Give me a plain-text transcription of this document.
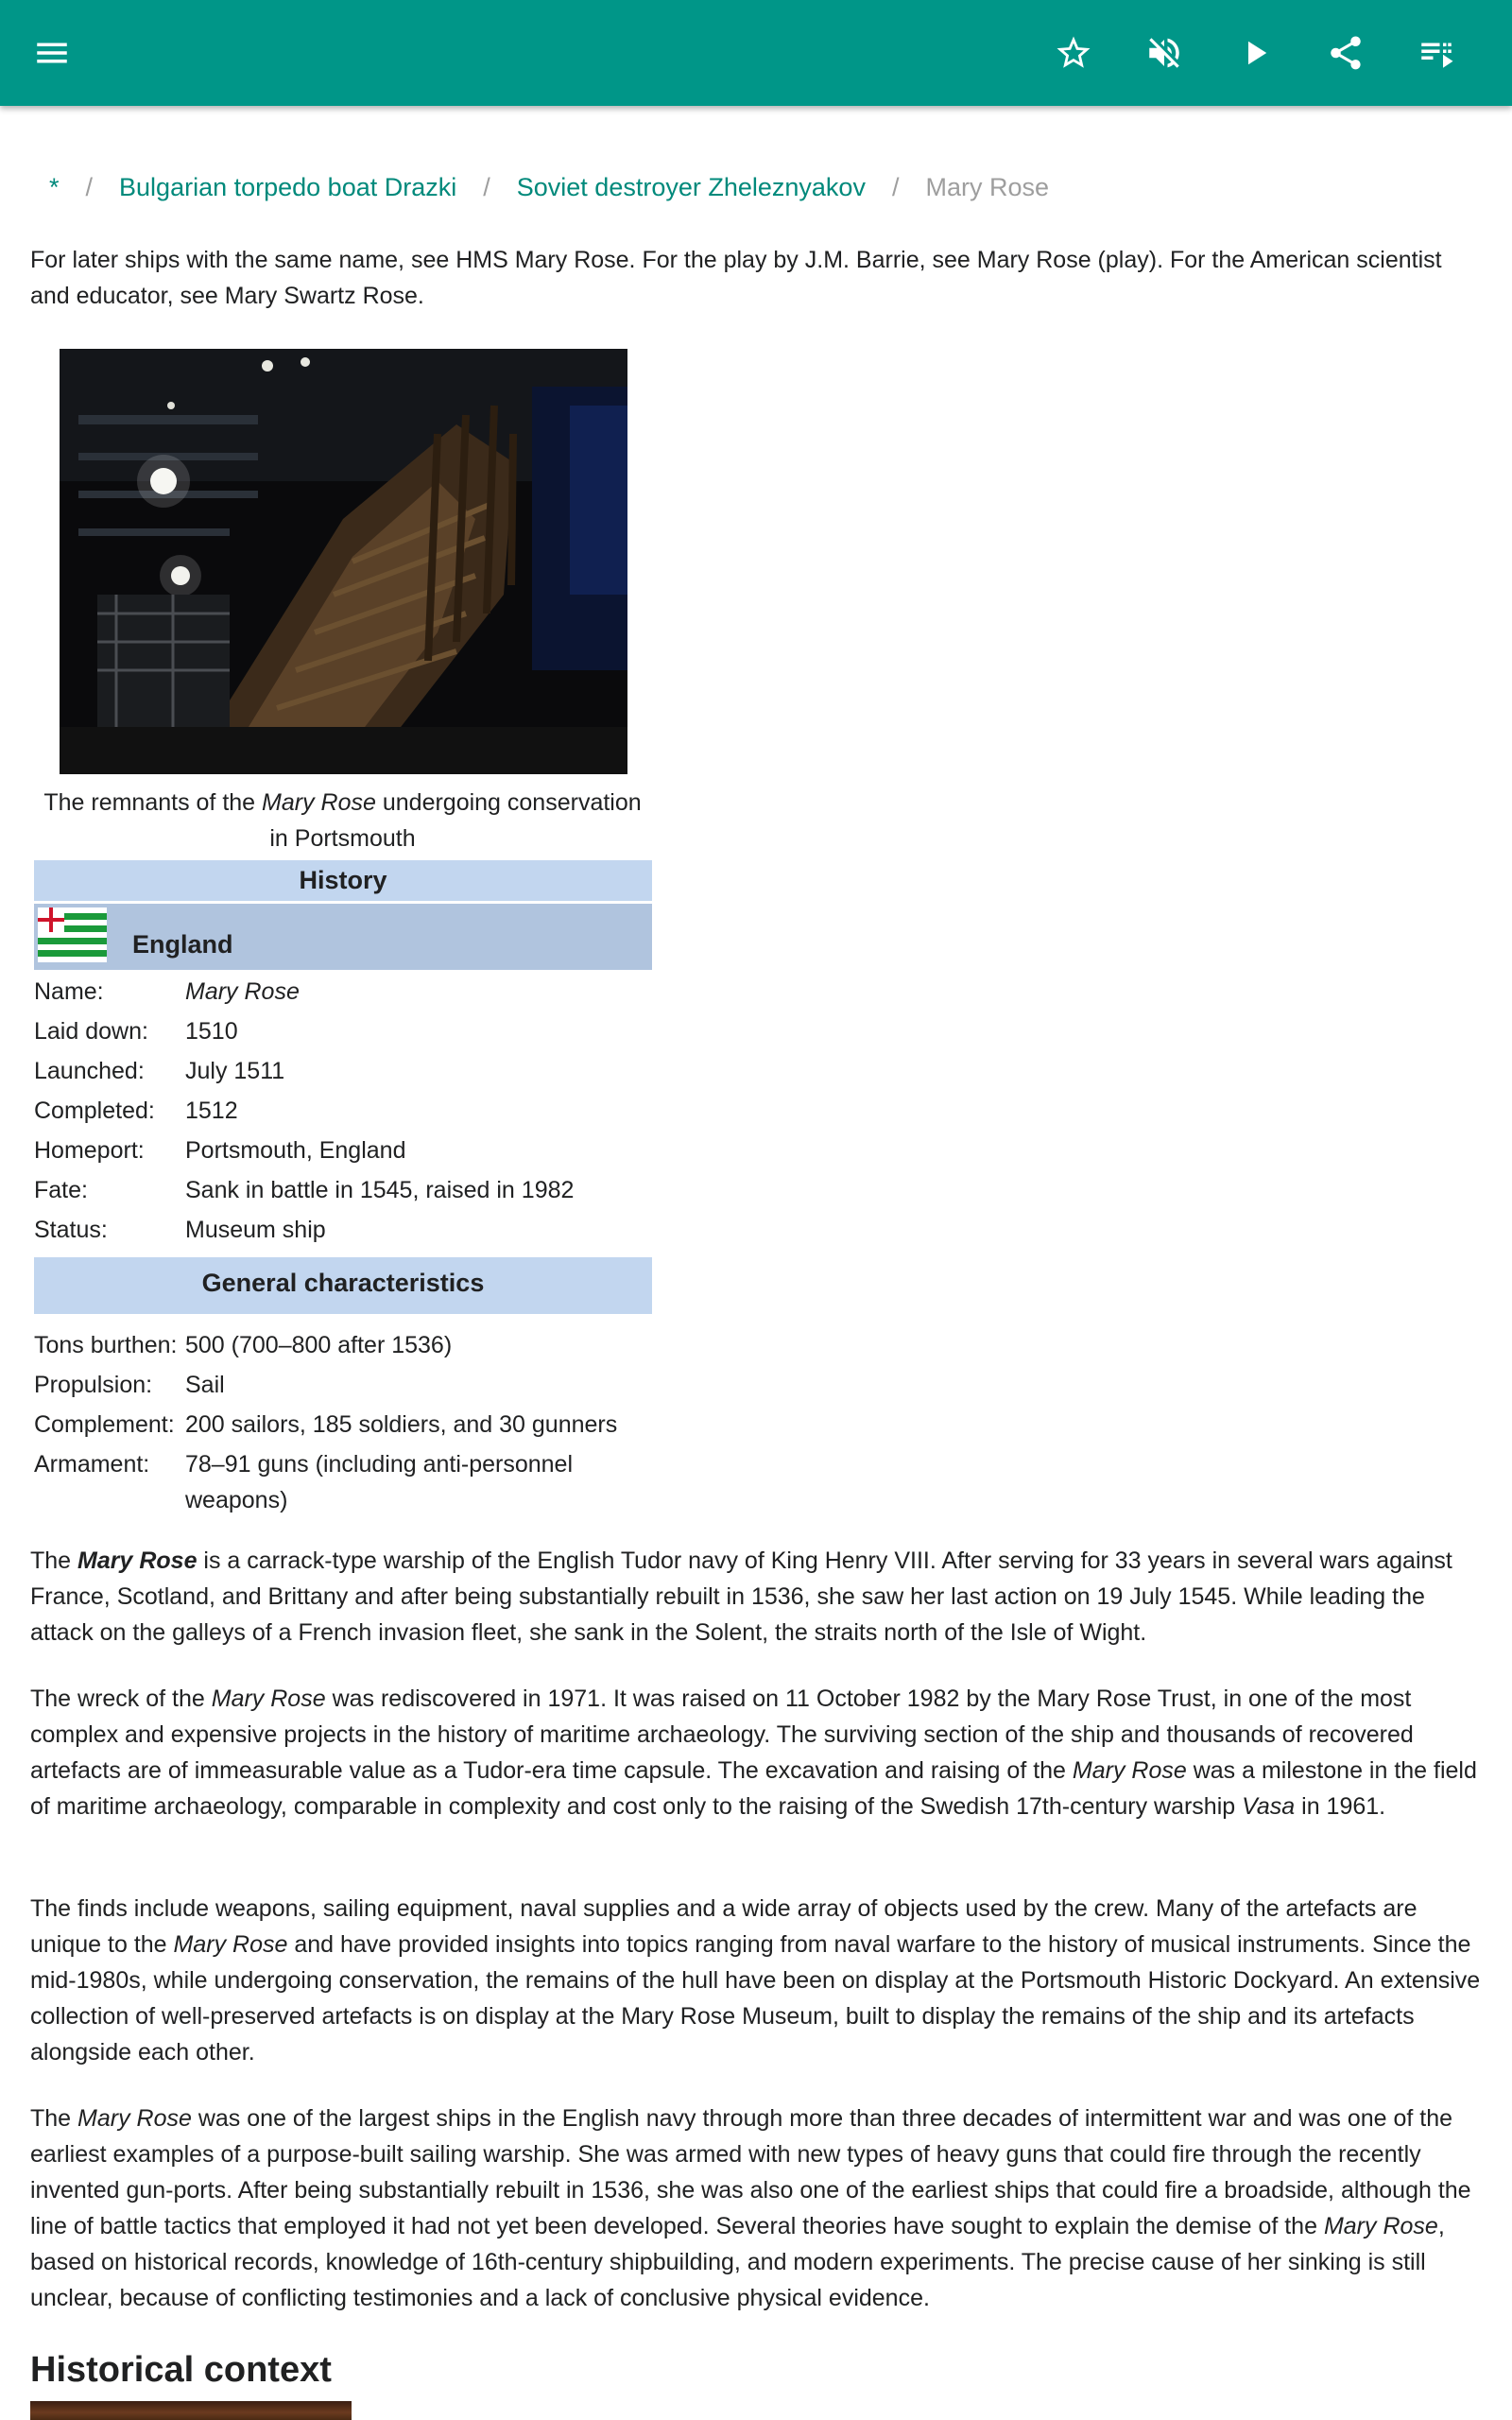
* / Bulgarian torpedo boat Drazki / Soviet destroyer Zheleznyakov / Mary Rose
For later ships with the same name, see HMS Mary Rose. For the play by J.M. Barrie, see Mary Rose (play). For the American scientist and educator, see Mary Swartz Rose.
The remnants of the Mary Rose undergoing conservation in Portsmouth
History
England
Name:	Mary Rose
Laid down:	1510
Launched:	July 1511
Completed:	1512
Homeport:	Portsmouth, England
Fate:	Sank in battle in 1545, raised in 1982
Status:	Museum ship
General characteristics
Tons burthen: 500 (700–800 after 1536)
Propulsion:	Sail
Complement: 200 sailors, 185 soldiers, and 30 gunners
Armament:	78–91 guns (including anti-personnel weapons)

The Mary Rose is a carrack-type warship of the English Tudor navy of King Henry VIII. After serving for 33 years in several wars against France, Scotland, and Brittany and after being substantially rebuilt in 1536, she saw her last action on 19 July 1545. While leading the attack on the galleys of a French invasion fleet, she sank in the Solent, the straits north of the Isle of Wight.

The wreck of the Mary Rose was rediscovered in 1971. It was raised on 11 October 1982 by the Mary Rose Trust, in one of the most complex and expensive projects in the history of maritime archaeology. The surviving section of the ship and thousands of recovered artefacts are of immeasurable value as a Tudor-era time capsule. The excavation and raising of the Mary Rose was a milestone in the field of maritime archaeology, comparable in complexity and cost only to the raising of the Swedish 17th-century warship Vasa in 1961.

The finds include weapons, sailing equipment, naval supplies and a wide array of objects used by the crew. Many of the artefacts are unique to the Mary Rose and have provided insights into topics ranging from naval warfare to the history of musical instruments. Since the mid-1980s, while undergoing conservation, the remains of the hull have been on display at the Portsmouth Historic Dockyard. An extensive collection of well-preserved artefacts is on display at the Mary Rose Museum, built to display the remains of the ship and its artefacts alongside each other.

The Mary Rose was one of the largest ships in the English navy through more than three decades of intermittent war and was one of the earliest examples of a purpose-built sailing warship. She was armed with new types of heavy guns that could fire through the recently invented gun-ports. After being substantially rebuilt in 1536, she was also one of the earliest ships that could fire a broadside, although the line of battle tactics that employed it had not yet been developed. Several theories have sought to explain the demise of the Mary Rose, based on historical records, knowledge of 16th-century shipbuilding, and modern experiments. The precise cause of her sinking is still unclear, because of conflicting testimonies and a lack of conclusive physical evidence.

Historical context
